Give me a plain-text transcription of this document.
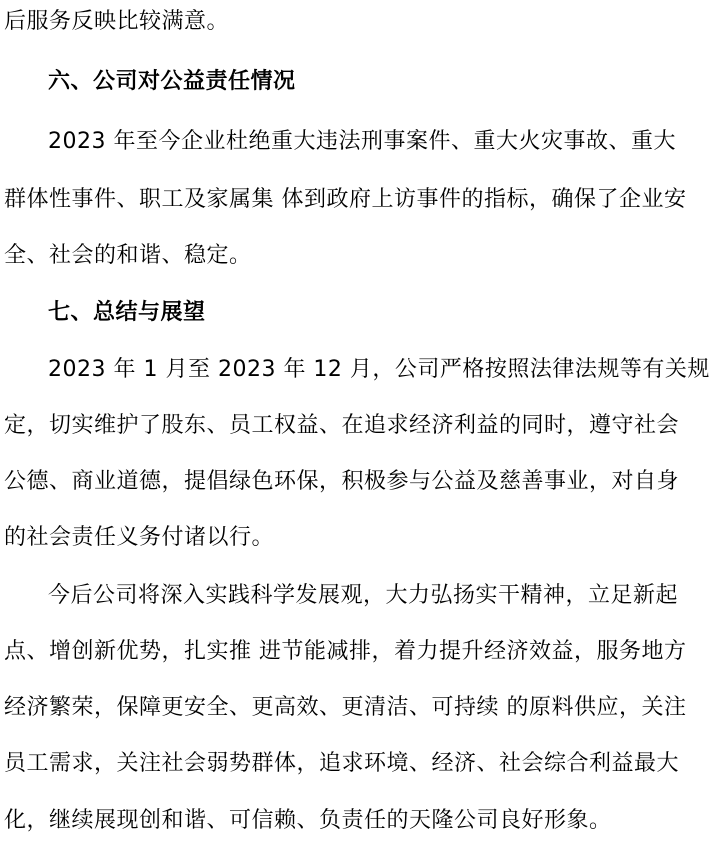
后服务反映比较满意。
六、公司对公益责任情况
2023 年至今企业杜绝重大违法刑事案件、重大火灾事故、重大
群体性事件、职工及家属集 体到政府上访事件的指标，确保了企业安
全、社会的和谐、稳定。
七、总结与展望
2023 年 1 月至 2023 年 12 月，公司严格按照法律法规等有关规
定，切实维护了股东、员工权益、在追求经济利益的同时，遵守社会
公德、商业道德，提倡绿色环保，积极参与公益及慈善事业，对自身
的社会责任义务付诸以行。
今后公司将深入实践科学发展观，大力弘扬实干精神，立足新起
点、增创新优势，扎实推 进节能减排，着力提升经济效益，服务地方
经济繁荣，保障更安全、更高效、更清洁、可持续 的原料供应，关注
员工需求，关注社会弱势群体，追求环境、经济、社会综合利益最大
化，继续展现创和谐、可信赖、负责任的天隆公司良好形象。
